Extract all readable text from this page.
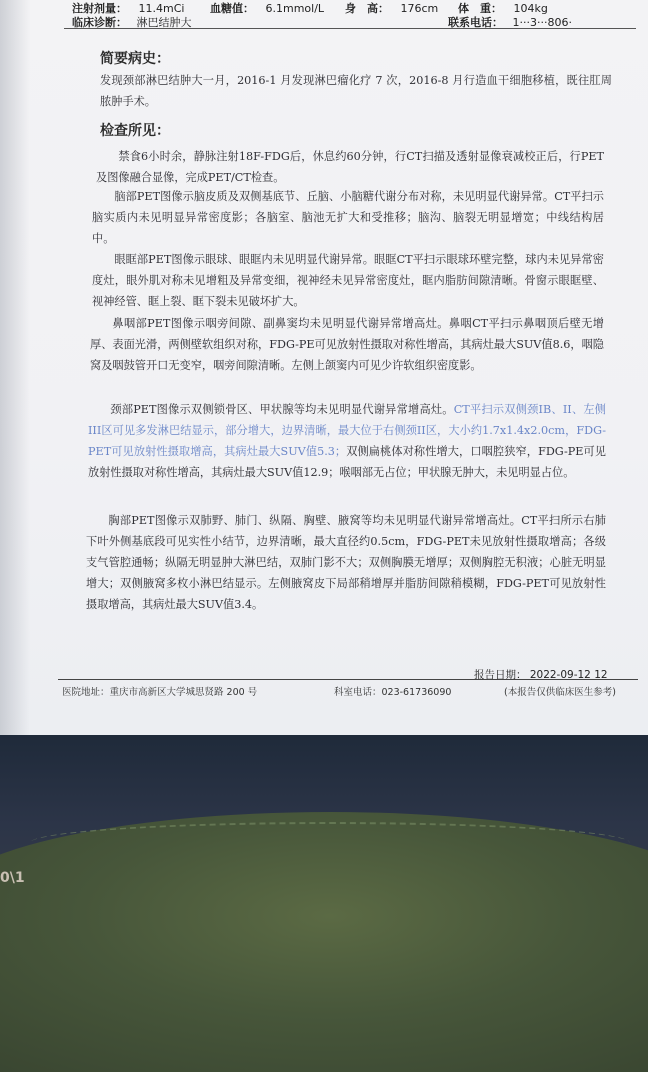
注射剂量： 11.4mCi 血糖值： 6.1mmol/L 身　高： 176cm 体　重： 104kg
临床诊断： 淋巴结肿大	联系电话： 1···3···806·
简要病史：
发现颈部淋巴结肿大一月，2016-1 月发现淋巴瘤化疗 7 次，2016-8 月行造血干细胞移植，既往肛周脓肿手术。
检查所见：
禁食6小时余，静脉注射18F-FDG后，休息约60分钟，行CT扫描及透射显像衰减校正后，行PET及图像融合显像，完成PET/CT检查。
脑部PET图像示脑皮质及双侧基底节、丘脑、小脑糖代谢分布对称，未见明显代谢异常。CT平扫示脑实质内未见明显异常密度影；各脑室、脑池无扩大和受推移；脑沟、脑裂无明显增宽；中线结构居中。
眼眶部PET图像示眼球、眼眶内未见明显代谢异常。眼眶CT平扫示眼球环壁完整，球内未见异常密度灶，眼外肌对称未见增粗及异常变细，视神经未见异常密度灶，眶内脂肪间隙清晰。骨窗示眼眶壁、视神经管、眶上裂、眶下裂未见破坏扩大。
鼻咽部PET图像示咽旁间隙、副鼻窦均未见明显代谢异常增高灶。鼻咽CT平扫示鼻咽顶后壁无增厚、表面光滑，两侧壁软组织对称，FDG-PE可见放射性摄取对称性增高，其病灶最大SUV值8.6，咽隐窝及咽鼓管开口无变窄，咽旁间隙清晰。左侧上颌窦内可见少许软组织密度影。
颈部PET图像示双侧锁骨区、甲状腺等均未见明显代谢异常增高灶。CT平扫示双侧颈IB、II、左侧III区可见多发淋巴结显示，部分增大，边界清晰，最大位于右侧颈II区，大小约1.7x1.4x2.0cm，FDG-PET可见放射性摄取增高，其病灶最大SUV值5.3；双侧扁桃体对称性增大，口咽腔狭窄，FDG-PE可见放射性摄取对称性增高，其病灶最大SUV值12.9；喉咽部无占位；甲状腺无肿大，未见明显占位。
胸部PET图像示双肺野、肺门、纵隔、胸壁、腋窝等均未见明显代谢异常增高灶。CT平扫所示右肺下叶外侧基底段可见实性小结节，边界清晰，最大直径约0.5cm，FDG-PET未见放射性摄取增高；各级支气管腔通畅；纵隔无明显肿大淋巴结，双肺门影不大；双侧胸膜无增厚；双侧胸腔无积液；心脏无明显增大；双侧腋窝多枚小淋巴结显示。左侧腋窝皮下局部稍增厚并脂肪间隙稍模糊，FDG-PET可见放射性摄取增高，其病灶最大SUV值3.4。
报告日期： 2022-09-12 12
医院地址：重庆市高新区大学城思贤路 200 号	科室电话：023-61736090	(本报告仅供临床医生参考)
0\1
